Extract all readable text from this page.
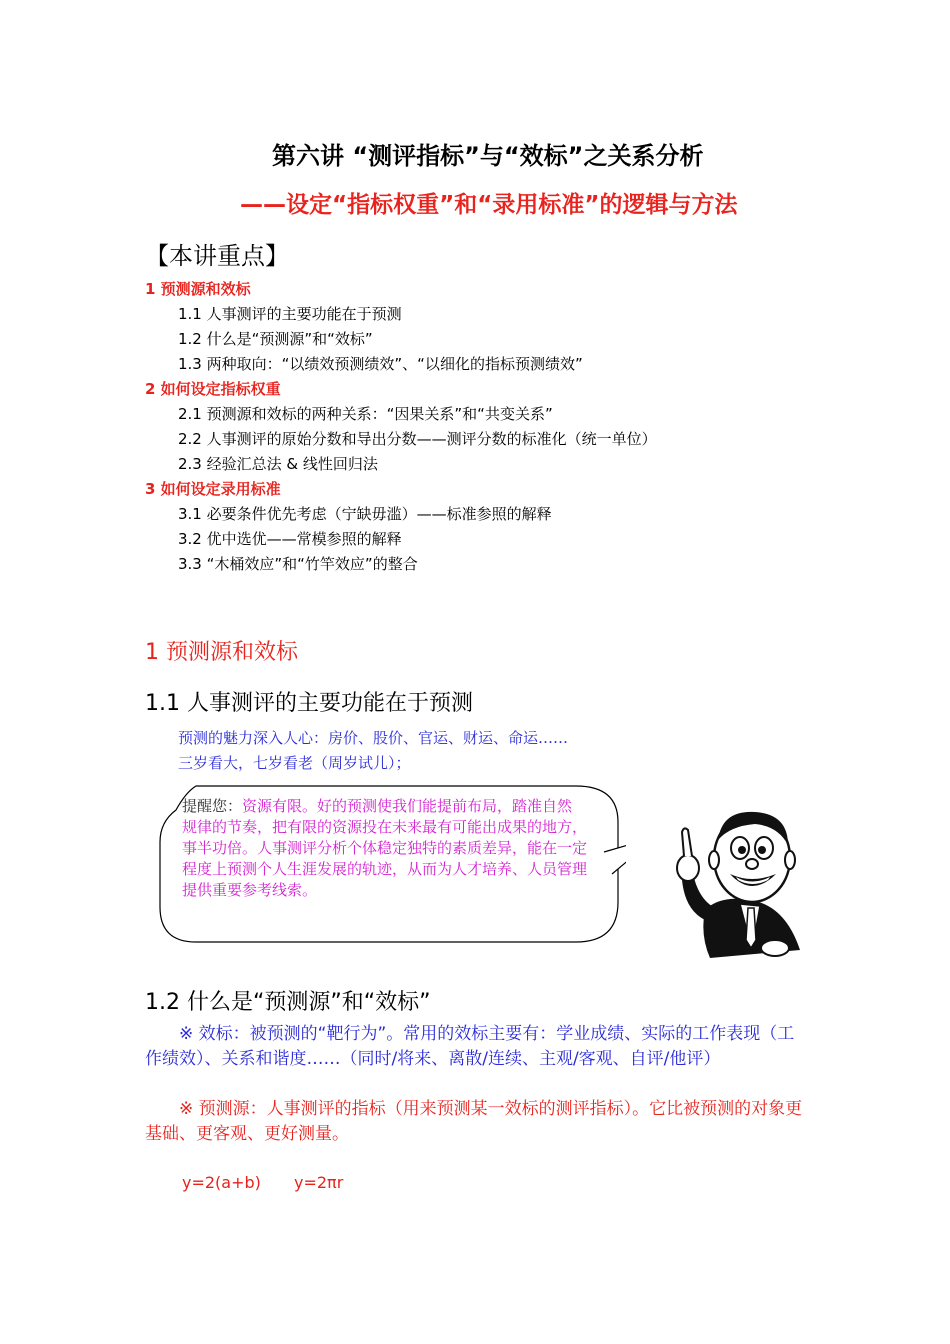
第六讲 “测评指标”与“效标”之关系分析
——设定“指标权重”和“录用标准”的逻辑与方法
【本讲重点】
1 预测源和效标
1.1 人事测评的主要功能在于预测
1.2 什么是“预测源”和“效标”
1.3 两种取向：“以绩效预测绩效”、“以细化的指标预测绩效”
2 如何设定指标权重
2.1 预测源和效标的两种关系：“因果关系”和“共变关系”
2.2 人事测评的原始分数和导出分数——测评分数的标准化（统一单位）
2.3 经验汇总法 & 线性回归法
3 如何设定录用标准
3.1 必要条件优先考虑（宁缺毋滥）——标准参照的解释
3.2 优中选优——常模参照的解释
3.3 “木桶效应”和“竹竿效应”的整合
1 预测源和效标
1.1 人事测评的主要功能在于预测
预测的魅力深入人心：房价、股价、官运、财运、命运……
三岁看大，七岁看老（周岁试儿）；
提醒您：资源有限。好的预测使我们能提前布局，踏准自然规律的节奏，把有限的资源投在未来最有可能出成果的地方，事半功倍。人事测评分析个体稳定独特的素质差异，能在一定程度上预测个人生涯发展的轨迹，从而为人才培养、人员管理提供重要参考线索。
1.2 什么是“预测源”和“效标”
※ 效标：被预测的“靶行为”。常用的效标主要有：学业成绩、实际的工作表现（工作绩效）、关系和谐度……（同时/将来、离散/连续、主观/客观、自评/他评）
※ 预测源：人事测评的指标（用来预测某一效标的测评指标）。它比被预测的对象更基础、更客观、更好测量。
y=2(a+b) y=2πr
